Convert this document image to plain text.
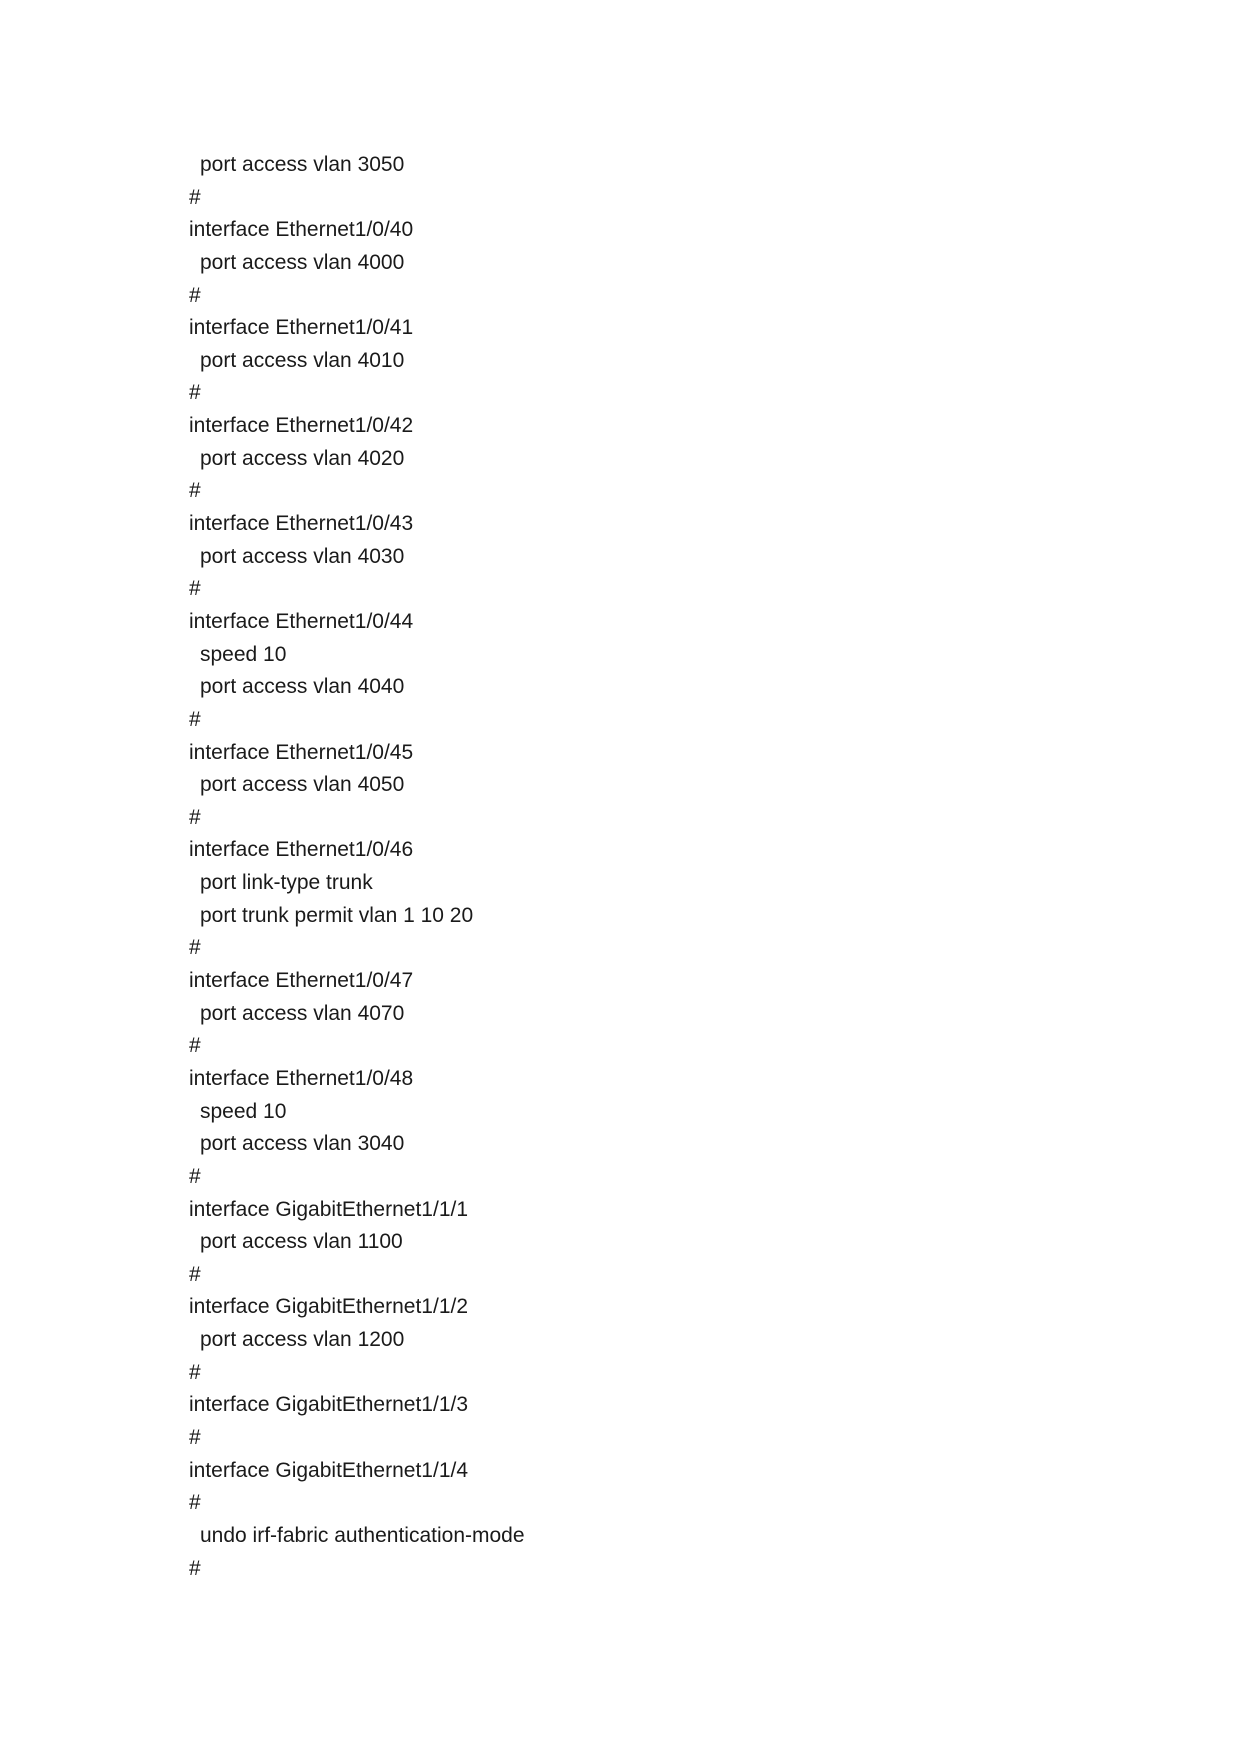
port access vlan 3050
#
interface Ethernet1/0/40
port access vlan 4000
#
interface Ethernet1/0/41
port access vlan 4010
#
interface Ethernet1/0/42
port access vlan 4020
#
interface Ethernet1/0/43
port access vlan 4030
#
interface Ethernet1/0/44
speed 10
port access vlan 4040
#
interface Ethernet1/0/45
port access vlan 4050
#
interface Ethernet1/0/46
port link-type trunk
port trunk permit vlan 1 10 20
#
interface Ethernet1/0/47
port access vlan 4070
#
interface Ethernet1/0/48
speed 10
port access vlan 3040
#
interface GigabitEthernet1/1/1
port access vlan 1100
#
interface GigabitEthernet1/1/2
port access vlan 1200
#
interface GigabitEthernet1/1/3
#
interface GigabitEthernet1/1/4
#
undo irf-fabric authentication-mode
#
